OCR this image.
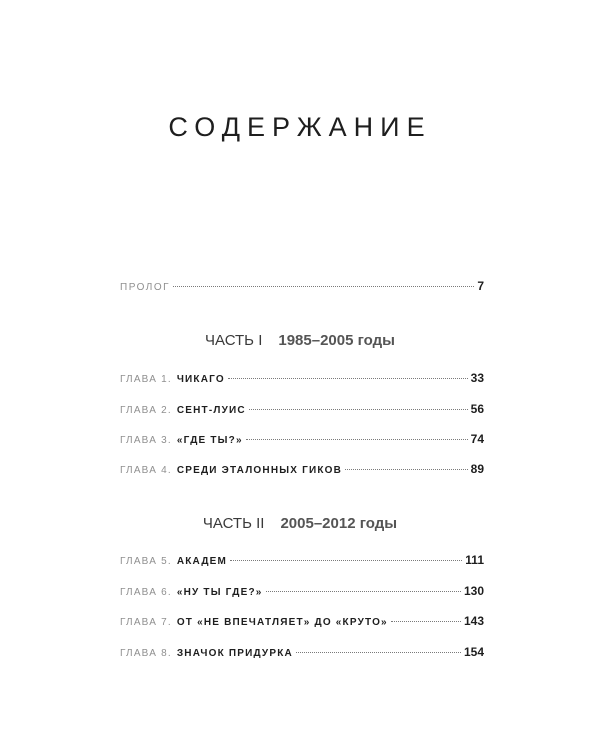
СОДЕРЖАНИЕ
ПРОЛОГ	7
ЧАСТЬ I 1985–2005 годы
ГЛАВА 1. ЧИКАГО	33
ГЛАВА 2. СЕНТ-ЛУИС	56
ГЛАВА 3. «ГДЕ ТЫ?»	74
ГЛАВА 4. СРЕДИ ЭТАЛОННЫХ ГИКОВ	89
ЧАСТЬ II 2005–2012 годы
ГЛАВА 5. АКАДЕМ	111
ГЛАВА 6. «НУ ТЫ ГДЕ?»	130
ГЛАВА 7. ОТ «НЕ ВПЕЧАТЛЯЕТ» ДО «КРУТО»	143
ГЛАВА 8. ЗНАЧОК ПРИДУРКА	154
